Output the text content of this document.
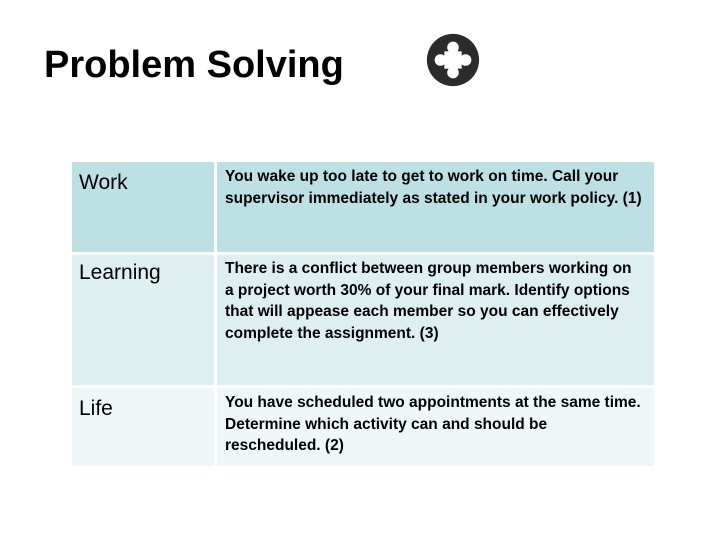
Problem Solving
Work	You wake up too late to get to work on time. Call your supervisor immediately as stated in your work policy. (1)

Learning	There is a conflict between group members working on a project worth 30% of your final mark. Identify options that will appease each member so you can effectively complete the assignment. (3)

Life	You have scheduled two appointments at the same time. Determine which activity can and should be rescheduled. (2)
